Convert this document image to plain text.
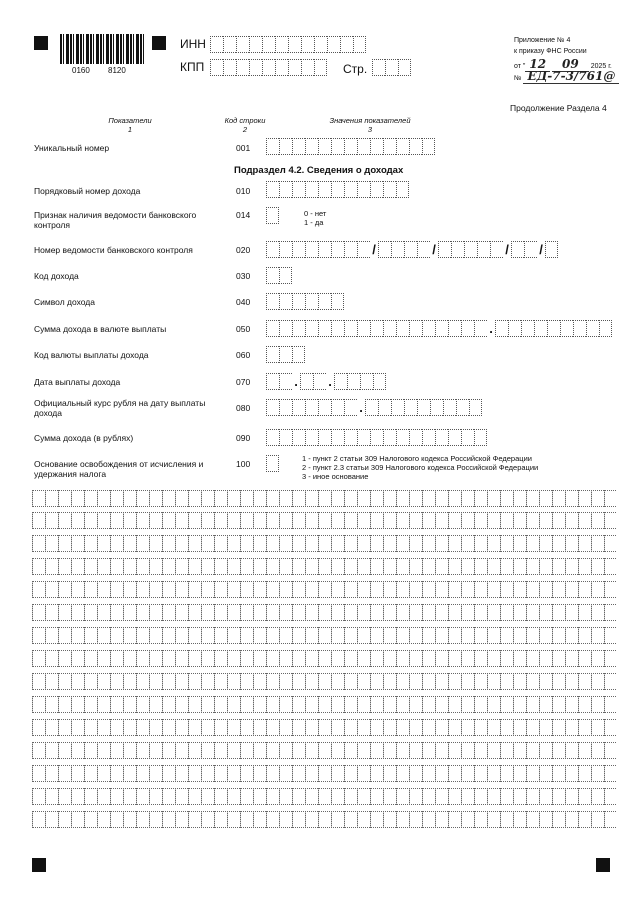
0160 8120
ИНН
КПП	Стр.
Приложение № 4
к приказу ФНС России
от " 12 09 2025 г.
№ ЕД-7-3/761@
Продолжение Раздела 4
Показатели
1
Код строки
2
Значения показателей
3
Уникальный номер	001
Подраздел 4.2. Сведения о доходах
Порядковый номер дохода	010
Признак наличия ведомости банковского контроля
014	0 - нет
1 - да
Номер ведомости банковского контроля	020	/	/	/ /
Код дохода	030
Символ дохода	040
Сумма дохода в валюте выплаты	050	.
Код валюты выплаты дохода	060
Дата выплаты дохода	070	. .
Официальный курс рубля на дату выплаты дохода	080	.
Сумма дохода (в рублях)	090
Основание освобождения от исчисления и удержания налога
100
1 - пункт 2 статьи 309 Налогового кодекса Российской Федерации
2 - пункт 2.3 статьи 309 Налогового кодекса Российской Федерации
3 - иное основание
